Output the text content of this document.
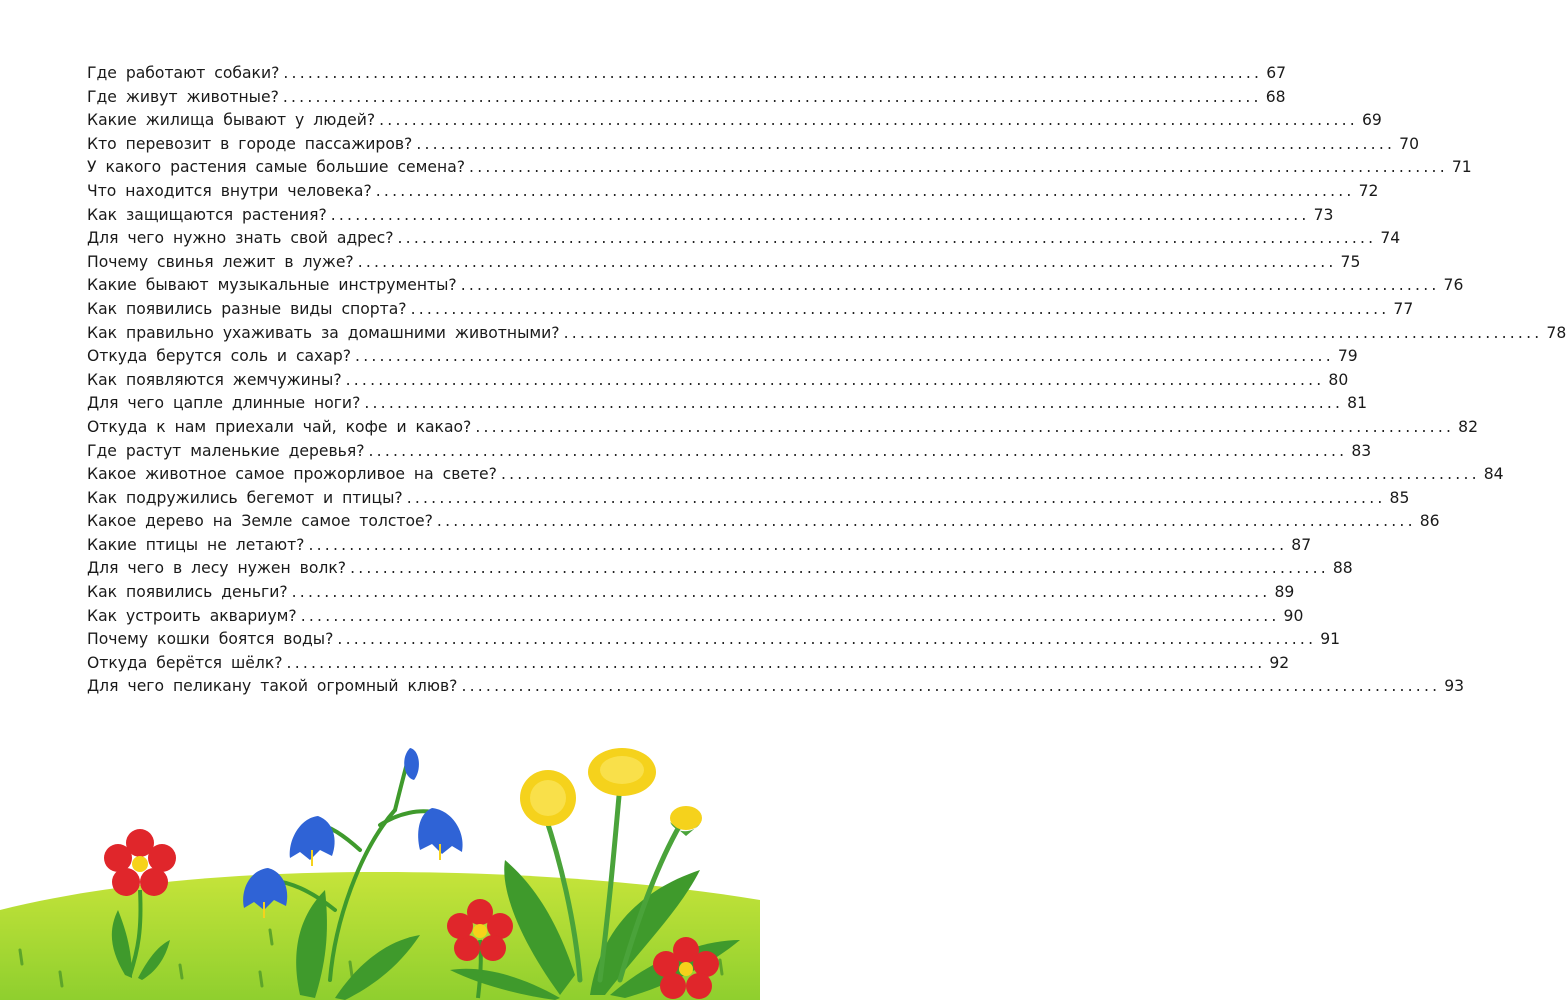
Где работают собаки? ........................................................................................................................ 67
Где живут животные? ........................................................................................................................ 68
Какие жилища бывают у людей? ........................................................................................................................ 69
Кто перевозит в городе пассажиров? ........................................................................................................................ 70
У какого растения самые большие семена? ........................................................................................................................ 71
Что находится внутри человека? ........................................................................................................................ 72
Как защищаются растения? ........................................................................................................................ 73
Для чего нужно знать свой адрес? ........................................................................................................................ 74
Почему свинья лежит в луже? ........................................................................................................................ 75
Какие бывают музыкальные инструменты? ........................................................................................................................ 76
Как появились разные виды спорта? ........................................................................................................................ 77
Как правильно ухаживать за домашними животными? ........................................................................................................................ 78
Откуда берутся соль и сахар? ........................................................................................................................ 79
Как появляются жемчужины? ........................................................................................................................ 80
Для чего цапле длинные ноги? ........................................................................................................................ 81
Откуда к нам приехали чай, кофе и какао? ........................................................................................................................ 82
Где растут маленькие деревья? ........................................................................................................................ 83
Какое животное самое прожорливое на свете? ........................................................................................................................ 84
Как подружились бегемот и птицы? ........................................................................................................................ 85
Какое дерево на Земле самое толстое? ........................................................................................................................ 86
Какие птицы не летают? ........................................................................................................................ 87
Для чего в лесу нужен волк? ........................................................................................................................ 88
Как появились деньги? ........................................................................................................................ 89
Как устроить аквариум? ........................................................................................................................ 90
Почему кошки боятся воды? ........................................................................................................................ 91
Откуда берётся шёлк? ........................................................................................................................ 92
Для чего пеликану такой огромный клюв? ........................................................................................................................ 93
